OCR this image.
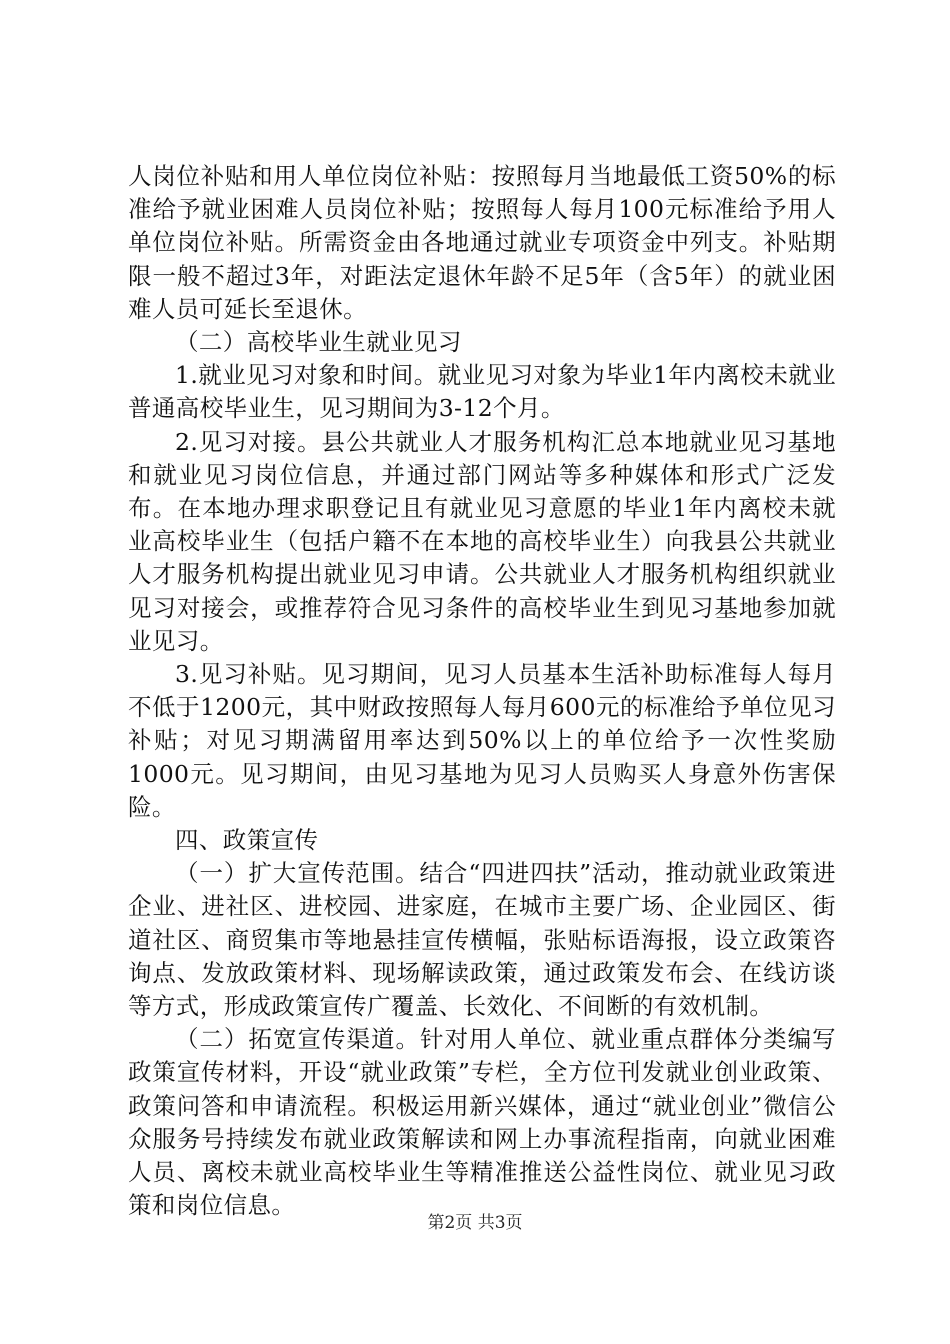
人岗位补贴和用人单位岗位补贴：按照每月当地最低工资50%的标准给予就业困难人员岗位补贴；按照每人每月100元标准给予用人单位岗位补贴。所需资金由各地通过就业专项资金中列支。补贴期限一般不超过3年，对距法定退休年龄不足5年（含5年）的就业困难人员可延长至退休。

（二）高校毕业生就业见习

1.就业见习对象和时间。就业见习对象为毕业1年内离校未就业普通高校毕业生，见习期间为3-12个月。

2.见习对接。县公共就业人才服务机构汇总本地就业见习基地和就业见习岗位信息，并通过部门网站等多种媒体和形式广泛发布。在本地办理求职登记且有就业见习意愿的毕业1年内离校未就业高校毕业生（包括户籍不在本地的高校毕业生）向我县公共就业人才服务机构提出就业见习申请。公共就业人才服务机构组织就业见习对接会，或推荐符合见习条件的高校毕业生到见习基地参加就业见习。

3.见习补贴。见习期间，见习人员基本生活补助标准每人每月不低于1200元，其中财政按照每人每月600元的标准给予单位见习补贴；对见习期满留用率达到50%以上的单位给予一次性奖励1000元。见习期间，由见习基地为见习人员购买人身意外伤害保险。

四、政策宣传

（一）扩大宣传范围。结合“四进四扶”活动，推动就业政策进企业、进社区、进校园、进家庭，在城市主要广场、企业园区、街道社区、商贸集市等地悬挂宣传横幅，张贴标语海报，设立政策咨询点、发放政策材料、现场解读政策，通过政策发布会、在线访谈等方式，形成政策宣传广覆盖、长效化、不间断的有效机制。

（二）拓宽宣传渠道。针对用人单位、就业重点群体分类编写政策宣传材料，开设“就业政策”专栏，全方位刊发就业创业政策、政策问答和申请流程。积极运用新兴媒体，通过“就业创业”微信公众服务号持续发布就业政策解读和网上办事流程指南，向就业困难人员、离校未就业高校毕业生等精准推送公益性岗位、就业见习政策和岗位信息。

第2页 共3页
